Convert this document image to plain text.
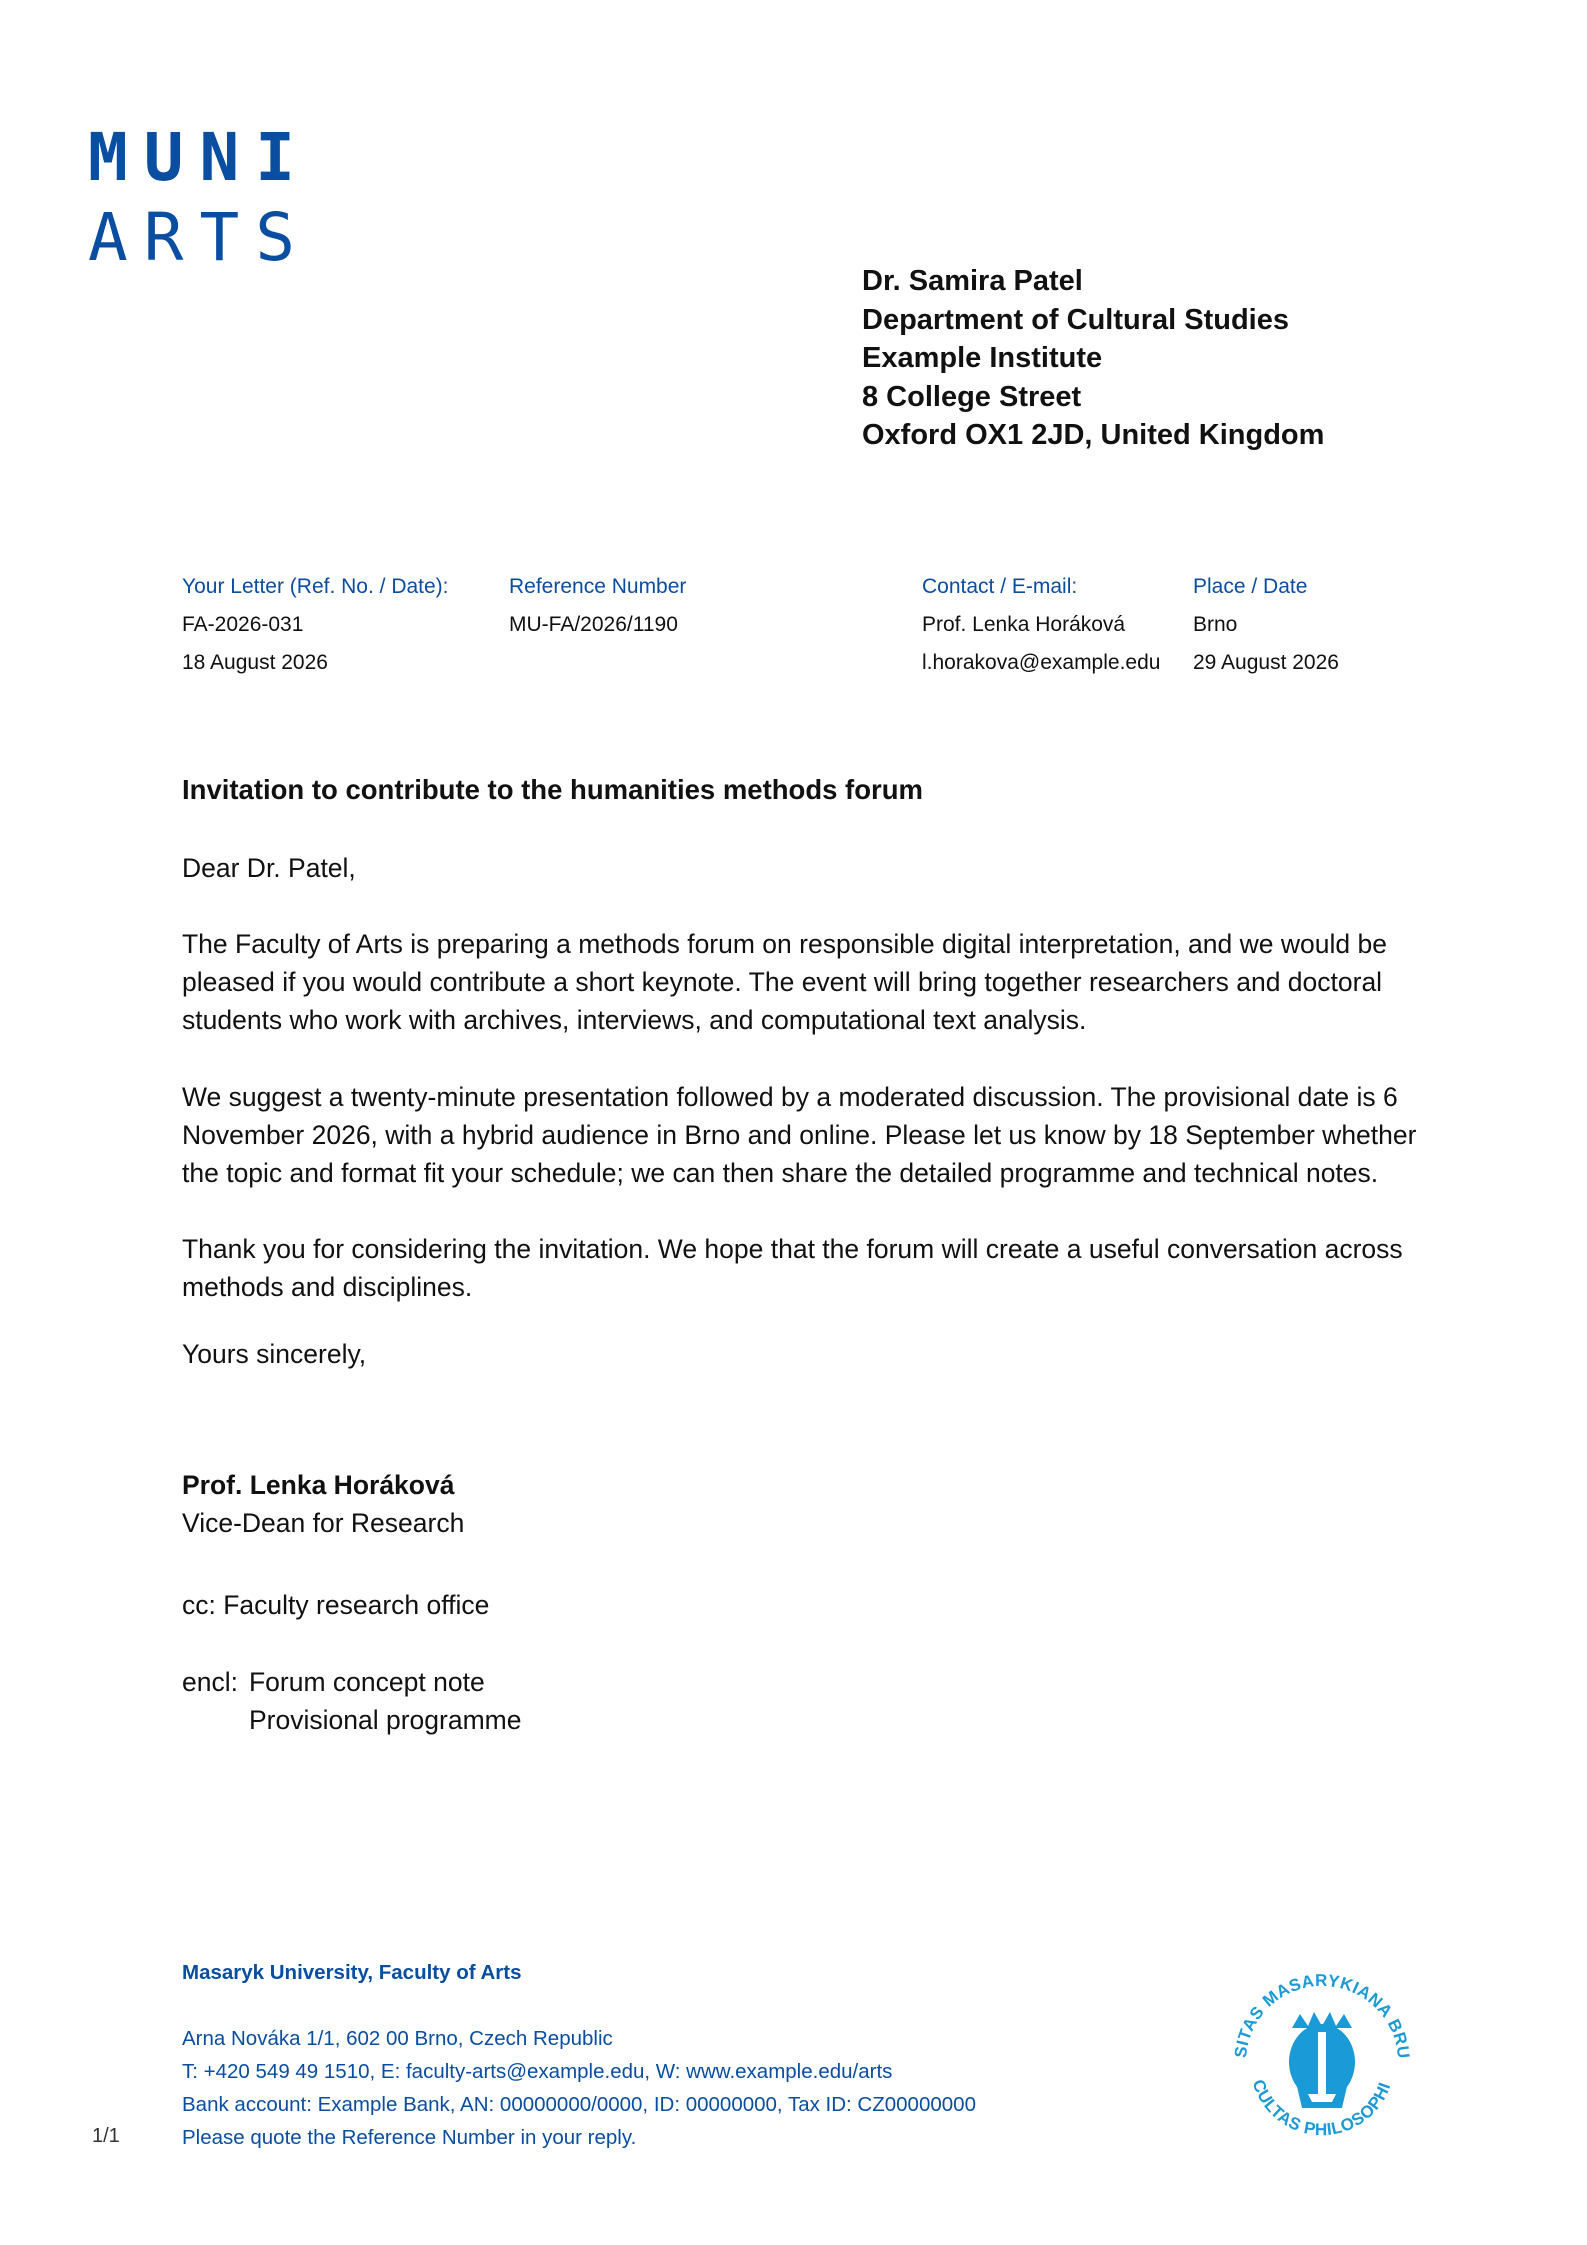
MUNI
ARTS
Dr. Samira Patel
Department of Cultural Studies
Example Institute
8 College Street
Oxford OX1 2JD, United Kingdom
Your Letter (Ref. No. / Date):
FA-2026-031
18 August 2026
Reference Number
MU-FA/2026/1190
Contact / E-mail:
Prof. Lenka Horáková
l.horakova@example.edu
Place / Date
Brno
29 August 2026
Invitation to contribute to the humanities methods forum
Dear Dr. Patel,

The Faculty of Arts is preparing a methods forum on responsible digital interpretation, and we would be pleased if you would contribute a short keynote. The event will bring together researchers and doctoral students who work with archives, interviews, and computational text analysis.

We suggest a twenty-minute presentation followed by a moderated discussion. The provisional date is 6 November 2026, with a hybrid audience in Brno and online. Please let us know by 18 September whether the topic and format fit your schedule; we can then share the detailed programme and technical notes.

Thank you for considering the invitation. We hope that the forum will create a useful conversation across methods and disciplines.

Yours sincerely,
Prof. Lenka Horáková
Vice-Dean for Research
cc: Faculty research office
encl: Forum concept note
Provisional programme
Masaryk University, Faculty of Arts
Arna Nováka 1/1, 602 00 Brno, Czech Republic
T: +420 549 49 1510, E: faculty-arts@example.edu, W: www.example.edu/arts
Bank account: Example Bank, AN: 00000000/0000, ID: 00000000, Tax ID: CZ00000000
Please quote the Reference Number in your reply.
1/1
SITAS MASARYKIANA BRU
CULTAS PHILOSOPHI
